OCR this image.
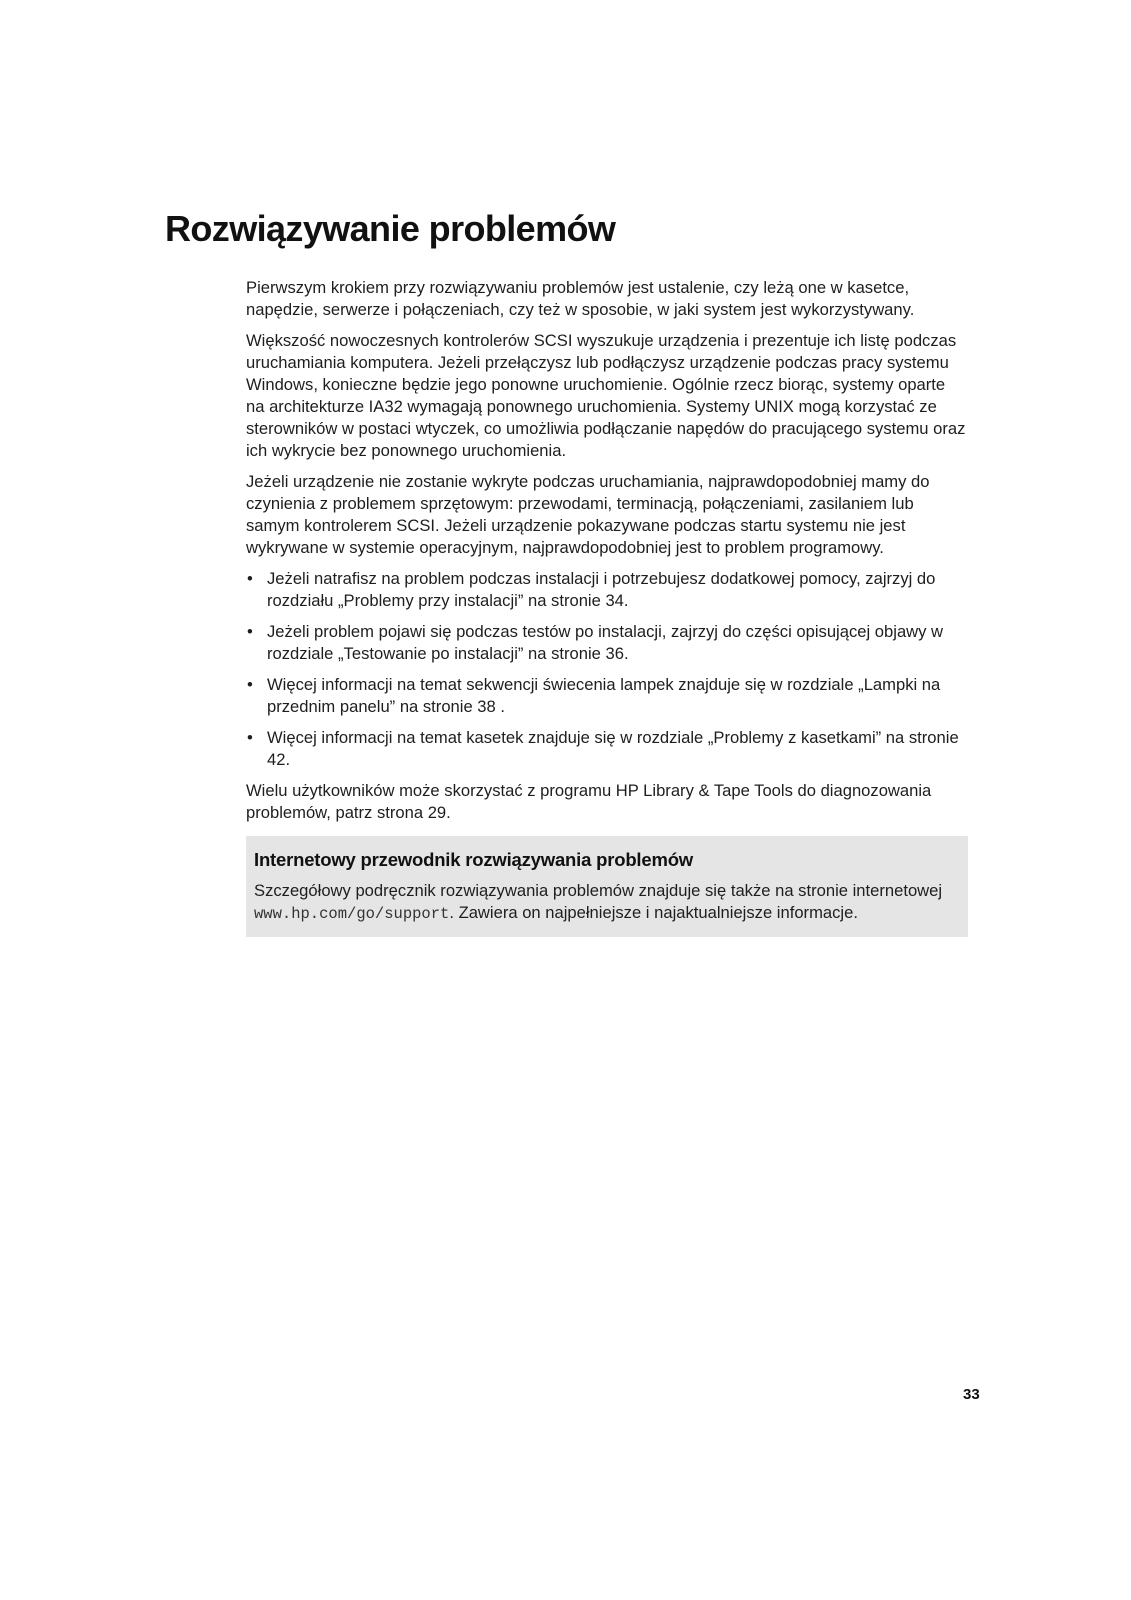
Rozwiązywanie problemów

Pierwszym krokiem przy rozwiązywaniu problemów jest ustalenie, czy leżą one w kasetce, napędzie, serwerze i połączeniach, czy też w sposobie, w jaki system jest wykorzystywany.

Większość nowoczesnych kontrolerów SCSI wyszukuje urządzenia i prezentuje ich listę podczas uruchamiania komputera. Jeżeli przełączysz lub podłączysz urządzenie podczas pracy systemu Windows, konieczne będzie jego ponowne uruchomienie. Ogólnie rzecz biorąc, systemy oparte na architekturze IA32 wymagają ponownego uruchomienia. Systemy UNIX mogą korzystać ze sterowników w postaci wtyczek, co umożliwia podłączanie napędów do pracującego systemu oraz ich wykrycie bez ponownego uruchomienia.

Jeżeli urządzenie nie zostanie wykryte podczas uruchamiania, najprawdopodobniej mamy do czynienia z problemem sprzętowym: przewodami, terminacją, połączeniami, zasilaniem lub samym kontrolerem SCSI. Jeżeli urządzenie pokazywane podczas startu systemu nie jest wykrywane w systemie operacyjnym, najprawdopodobniej jest to problem programowy.

• Jeżeli natrafisz na problem podczas instalacji i potrzebujesz dodatkowej pomocy, zajrzyj do rozdziału „Problemy przy instalacji” na stronie 34.
• Jeżeli problem pojawi się podczas testów po instalacji, zajrzyj do części opisującej objawy w rozdziale „Testowanie po instalacji” na stronie 36.
• Więcej informacji na temat sekwencji świecenia lampek znajduje się w rozdziale „Lampki na przednim panelu” na stronie 38 .
• Więcej informacji na temat kasetek znajduje się w rozdziale „Problemy z kasetkami” na stronie 42.

Wielu użytkowników może skorzystać z programu HP Library & Tape Tools do diagnozowania problemów, patrz strona 29.

Internetowy przewodnik rozwiązywania problemów

Szczegółowy podręcznik rozwiązywania problemów znajduje się także na stronie internetowej www.hp.com/go/support. Zawiera on najpełniejsze i najaktualniejsze informacje.

33
